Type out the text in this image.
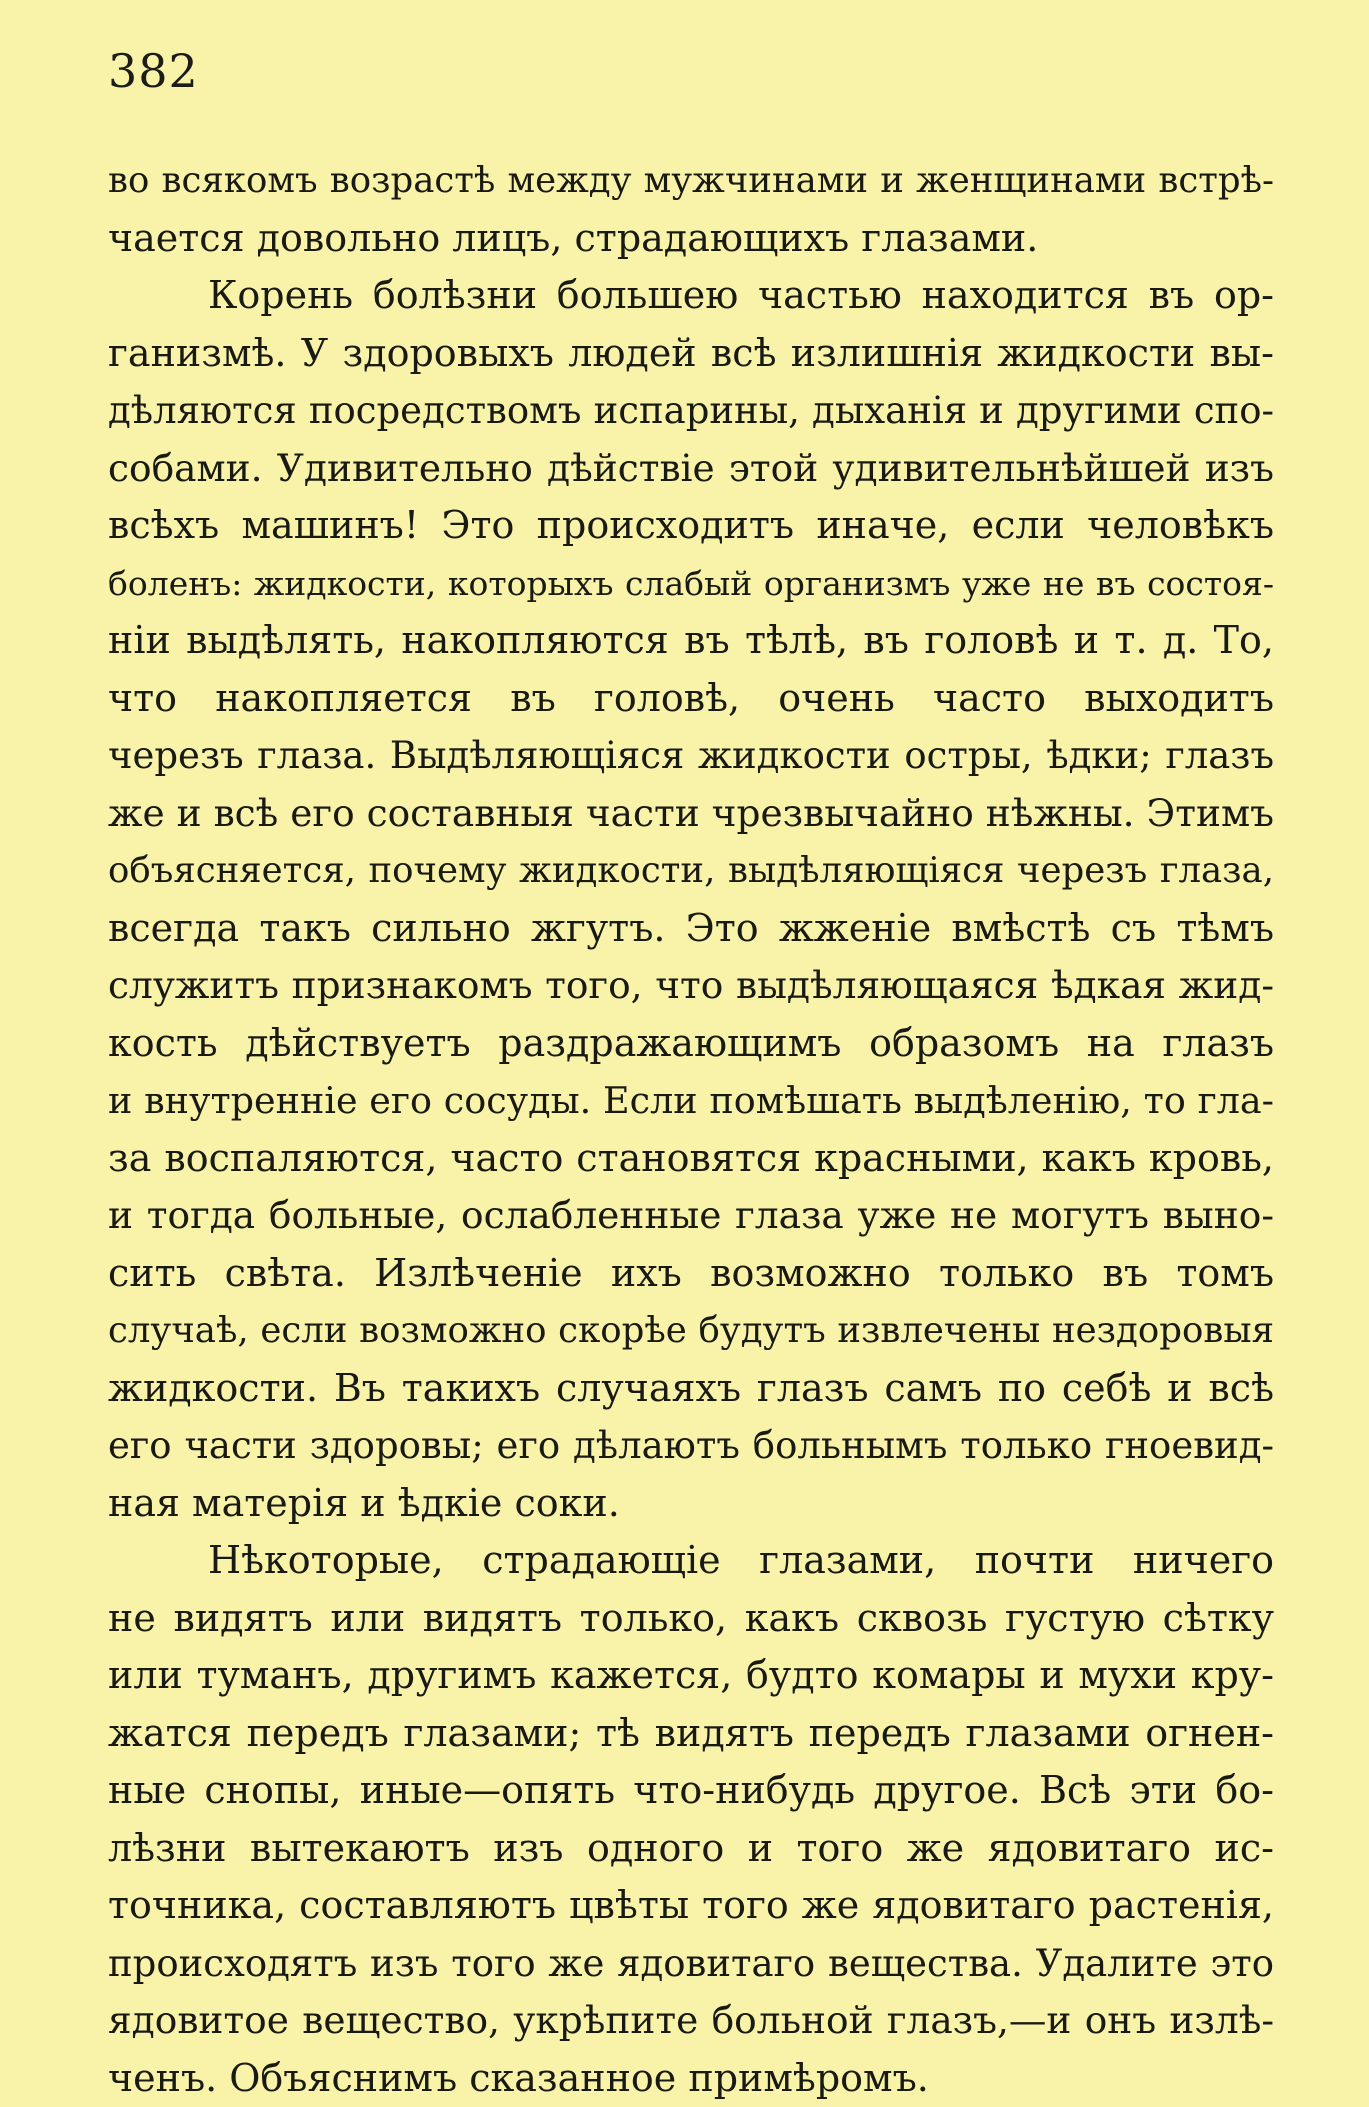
382
во всякомъ возрастѣ между мужчинами и женщинами встрѣ-
чается довольно лицъ, страдающихъ глазами.
Корень болѣзни большею частью находится въ ор-
ганизмѣ. У здоровыхъ людей всѣ излишнія жидкости вы-
дѣляются посредствомъ испарины, дыханія и другими спо-
собами. Удивительно дѣйствіе этой удивительнѣйшей изъ
всѣхъ машинъ! Это происходитъ иначе, если человѣкъ
боленъ: жидкости, которыхъ слабый организмъ уже не въ состоя-
ніи выдѣлять, накопляются въ тѣлѣ, въ головѣ и т. д. То,
что накопляется въ головѣ, очень часто выходитъ
черезъ глаза. Выдѣляющіяся жидкости остры, ѣдки; глазъ
же и всѣ его составныя части чрезвычайно нѣжны. Этимъ
объясняется, почему жидкости, выдѣляющіяся черезъ глаза,
всегда такъ сильно жгутъ. Это жженіе вмѣстѣ съ тѣмъ
служитъ признакомъ того, что выдѣляющаяся ѣдкая жид-
кость дѣйствуетъ раздражающимъ образомъ на глазъ
и внутренніе его сосуды. Если помѣшать выдѣленію, то гла-
за воспаляются, часто становятся красными, какъ кровь,
и тогда больные, ослабленные глаза уже не могутъ выно-
сить свѣта. Излѣченіе ихъ возможно только въ томъ
случаѣ, если возможно скорѣе будутъ извлечены нездоровыя
жидкости. Въ такихъ случаяхъ глазъ самъ по себѣ и всѣ
его части здоровы; его дѣлаютъ больнымъ только гноевид-
ная матерія и ѣдкіе соки.
Нѣкоторые, страдающіе глазами, почти ничего
не видятъ или видятъ только, какъ сквозь густую сѣтку
или туманъ, другимъ кажется, будто комары и мухи кру-
жатся передъ глазами; тѣ видятъ передъ глазами огнен-
ные снопы, иные—опять что-нибудь другое. Всѣ эти бо-
лѣзни вытекаютъ изъ одного и того же ядовитаго ис-
точника, составляютъ цвѣты того же ядовитаго растенія,
происходятъ изъ того же ядовитаго вещества. Удалите это
ядовитое вещество, укрѣпите больной глазъ,—и онъ излѣ-
ченъ. Объяснимъ сказанное примѣромъ.
